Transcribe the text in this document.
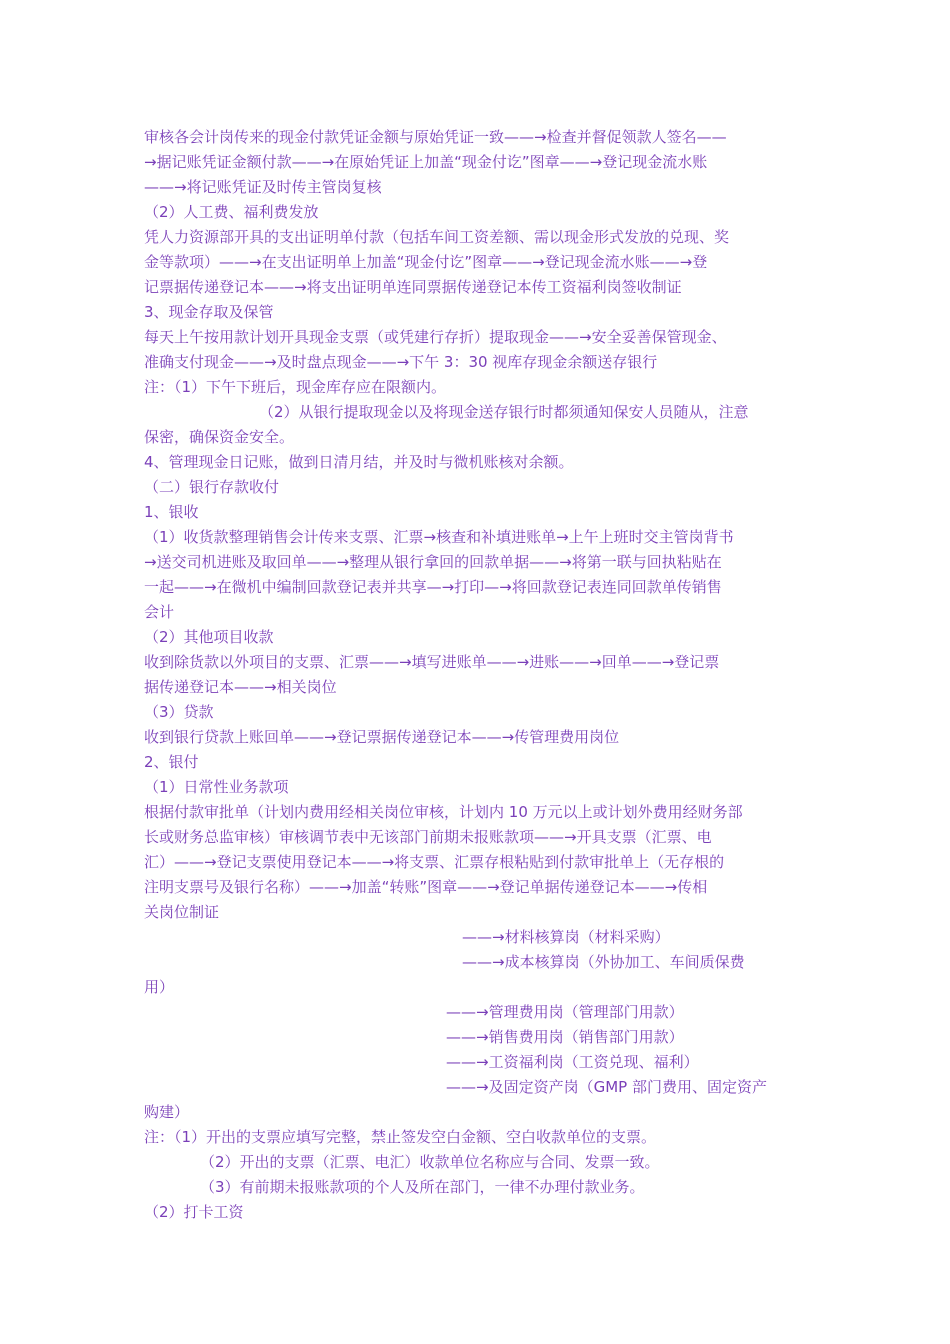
审核各会计岗传来的现金付款凭证金额与原始凭证一致——→检查并督促领款人签名——
→据记账凭证金额付款——→在原始凭证上加盖“现金付讫”图章——→登记现金流水账
——→将记账凭证及时传主管岗复核
（2）人工费、福利费发放
凭人力资源部开具的支出证明单付款（包括车间工资差额、需以现金形式发放的兑现、奖
金等款项）——→在支出证明单上加盖“现金付讫”图章——→登记现金流水账——→登
记票据传递登记本——→将支出证明单连同票据传递登记本传工资福利岗签收制证
3、现金存取及保管
每天上午按用款计划开具现金支票（或凭建行存折）提取现金——→安全妥善保管现金、
准确支付现金——→及时盘点现金——→下午 3：30 视库存现金余额送存银行
注：（1）下午下班后，现金库存应在限额内。
（2）从银行提取现金以及将现金送存银行时都须通知保安人员随从，注意
保密，确保资金安全。
4、管理现金日记账，做到日清月结，并及时与微机账核对余额。
（二）银行存款收付
1、银收
（1）收货款整理销售会计传来支票、汇票→核查和补填进账单→上午上班时交主管岗背书
→送交司机进账及取回单——→整理从银行拿回的回款单据——→将第一联与回执粘贴在
一起——→在微机中编制回款登记表并共享—→打印—→将回款登记表连同回款单传销售
会计
（2）其他项目收款
收到除货款以外项目的支票、汇票——→填写进账单——→进账——→回单——→登记票
据传递登记本——→相关岗位
（3）贷款
收到银行贷款上账回单——→登记票据传递登记本——→传管理费用岗位
2、银付
（1）日常性业务款项
根据付款审批单（计划内费用经相关岗位审核，计划内 10 万元以上或计划外费用经财务部
长或财务总监审核）审核调节表中无该部门前期未报账款项——→开具支票（汇票、电
汇）——→登记支票使用登记本——→将支票、汇票存根粘贴到付款审批单上（无存根的
注明支票号及银行名称）——→加盖“转账”图章——→登记单据传递登记本——→传相
关岗位制证
——→材料核算岗（材料采购）
——→成本核算岗（外协加工、车间质保费
用）
——→管理费用岗（管理部门用款）
——→销售费用岗（销售部门用款）
——→工资福利岗（工资兑现、福利）
——→及固定资产岗（GMP 部门费用、固定资产
购建）
注：（1）开出的支票应填写完整，禁止签发空白金额、空白收款单位的支票。
（2）开出的支票（汇票、电汇）收款单位名称应与合同、发票一致。
（3）有前期未报账款项的个人及所在部门，一律不办理付款业务。
（2）打卡工资
